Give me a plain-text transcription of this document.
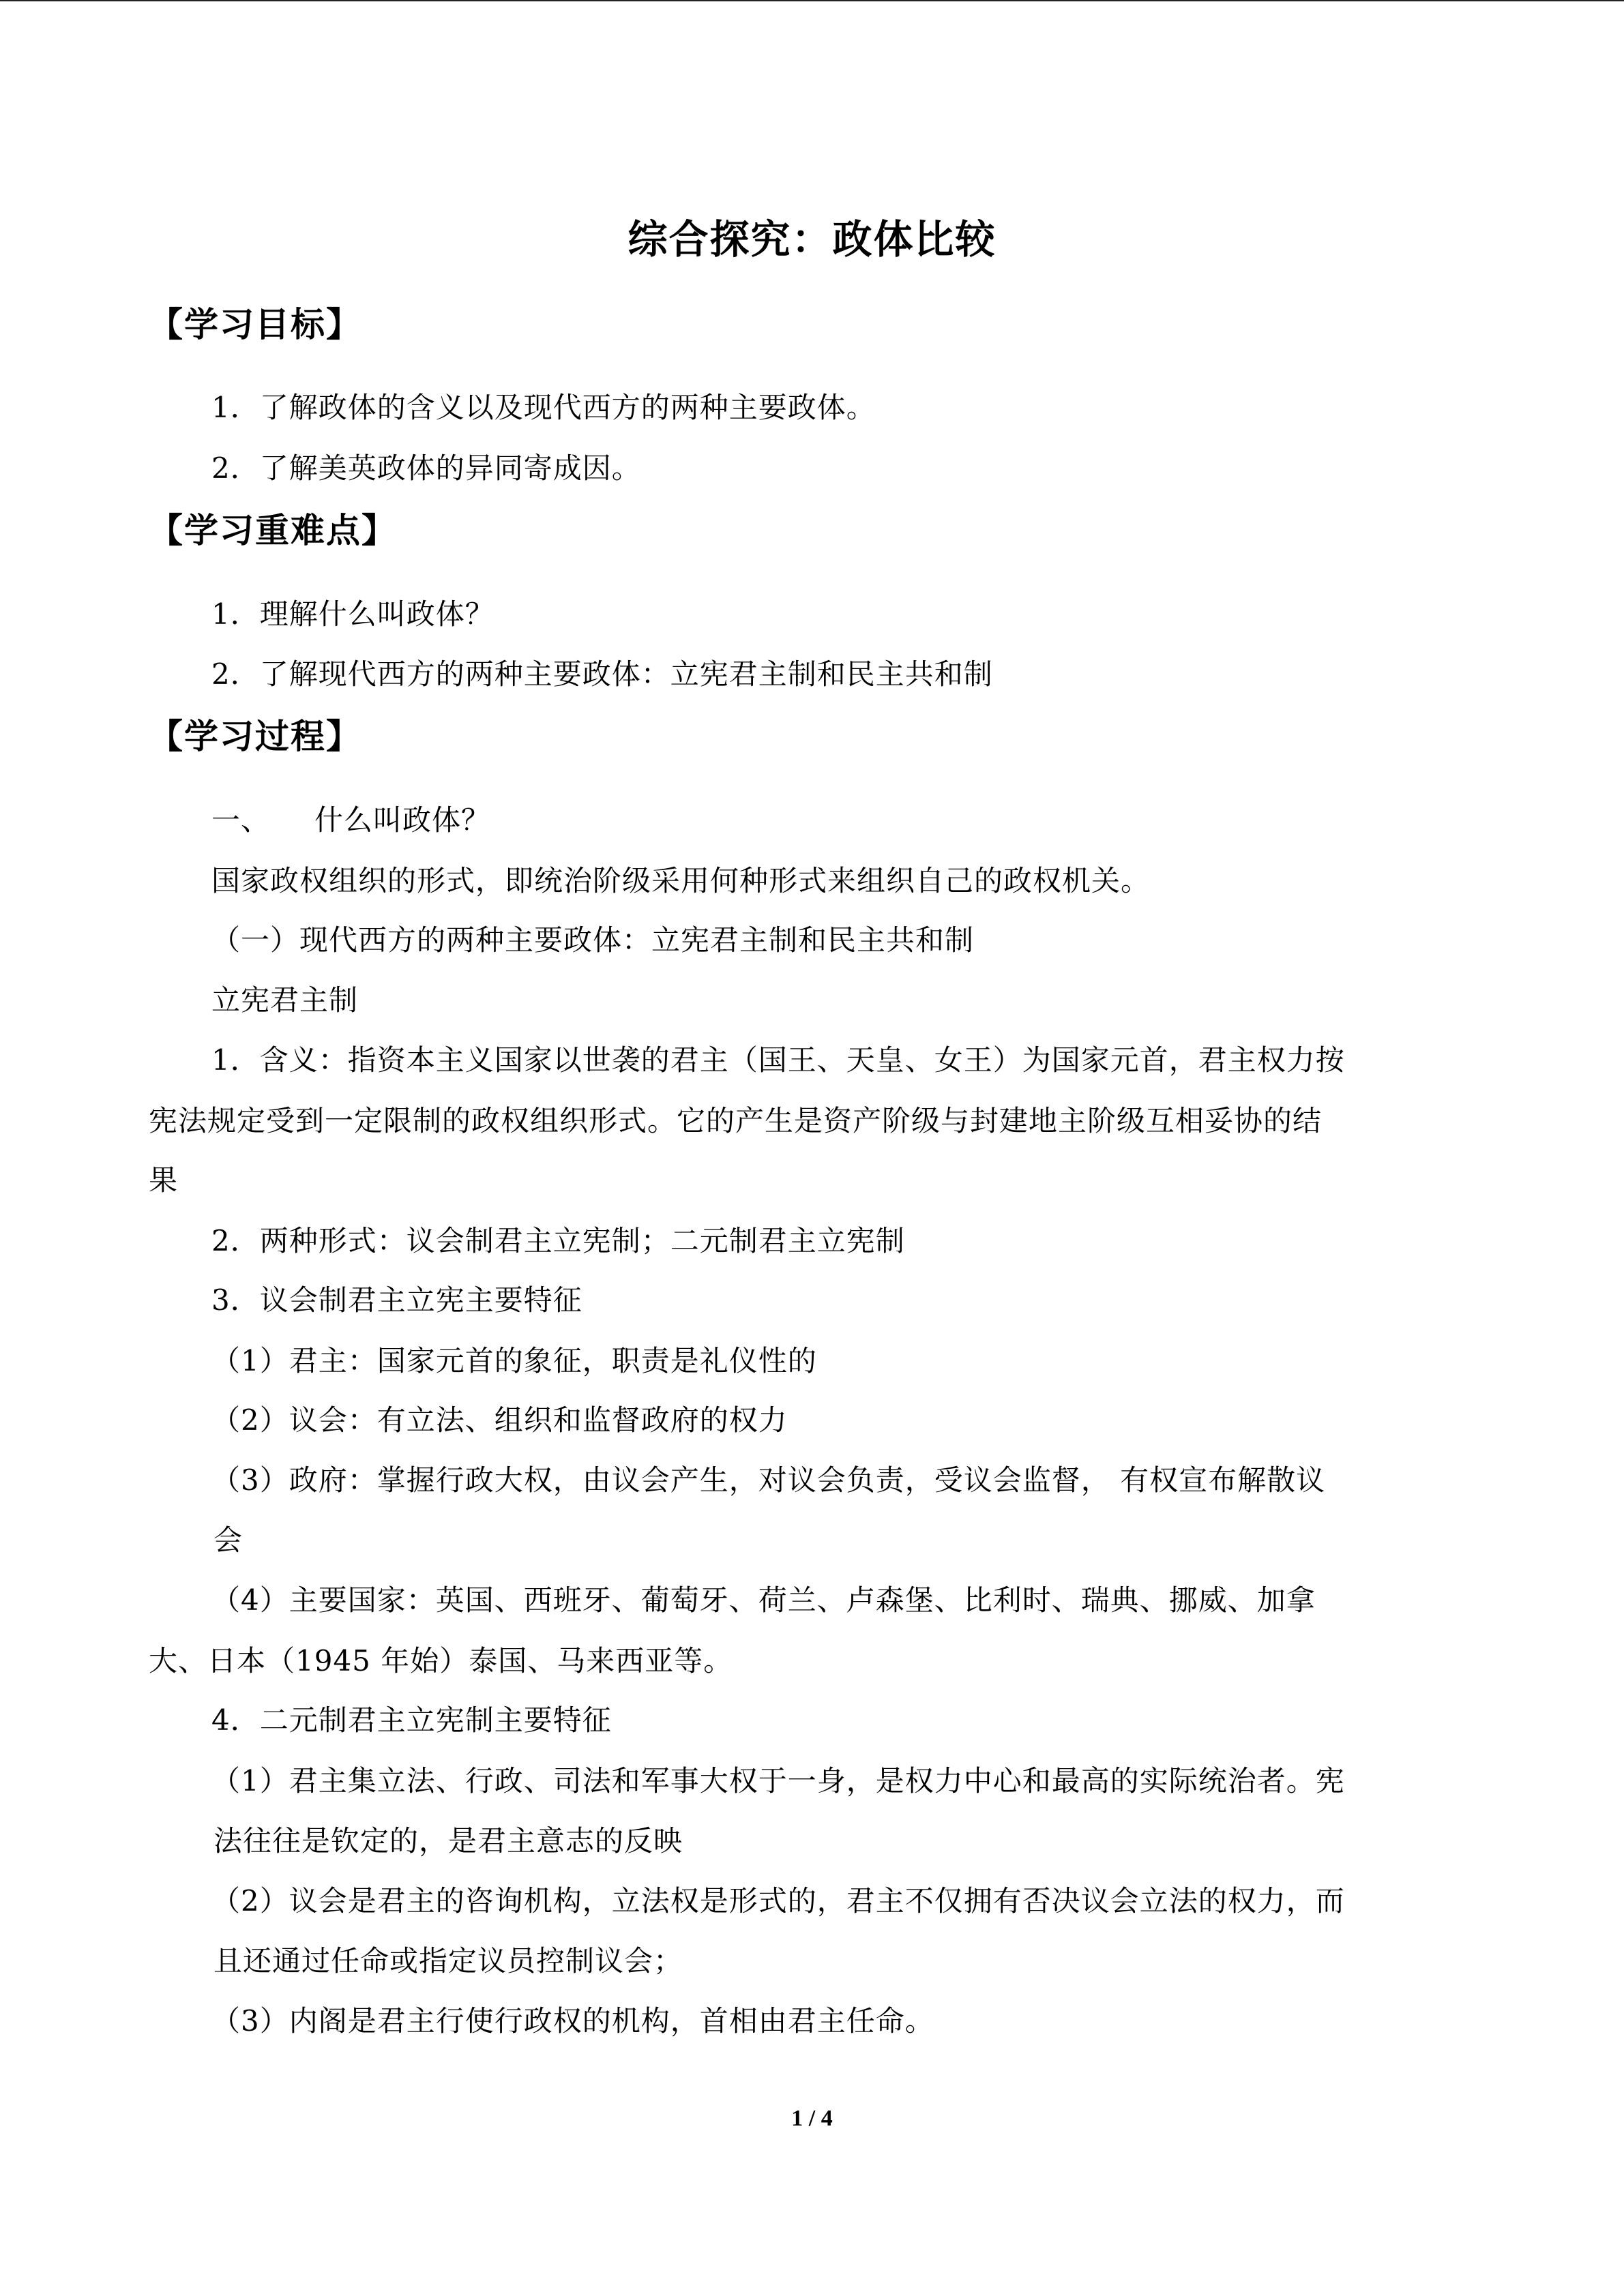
综合探究：政体比较
【学习目标】
1．了解政体的含义以及现代西方的两种主要政体。
2．了解美英政体的异同寄成因。
【学习重难点】
1．理解什么叫政体？
2．了解现代西方的两种主要政体：立宪君主制和民主共和制
【学习过程】
一、　　什么叫政体？
国家政权组织的形式，即统治阶级采用何种形式来组织自己的政权机关。
（一）现代西方的两种主要政体：立宪君主制和民主共和制
立宪君主制
1．含义：指资本主义国家以世袭的君主（国王、天皇、女王）为国家元首，君主权力按
宪法规定受到一定限制的政权组织形式。它的产生是资产阶级与封建地主阶级互相妥协的结
果
2．两种形式：议会制君主立宪制；二元制君主立宪制
3．议会制君主立宪主要特征
（1）君主：国家元首的象征，职责是礼仪性的
（2）议会：有立法、组织和监督政府的权力
（3）政府：掌握行政大权，由议会产生，对议会负责，受议会监督， 有权宣布解散议
会
（4）主要国家：英国、西班牙、葡萄牙、荷兰、卢森堡、比利时、瑞典、挪威、加拿
大、日本（1945 年始）泰国、马来西亚等。
4．二元制君主立宪制主要特征
（1）君主集立法、行政、司法和军事大权于一身，是权力中心和最高的实际统治者。宪
法往往是钦定的，是君主意志的反映
（2）议会是君主的咨询机构，立法权是形式的，君主不仅拥有否决议会立法的权力，而
且还通过任命或指定议员控制议会；
（3）内阁是君主行使行政权的机构，首相由君主任命。
1 / 4
